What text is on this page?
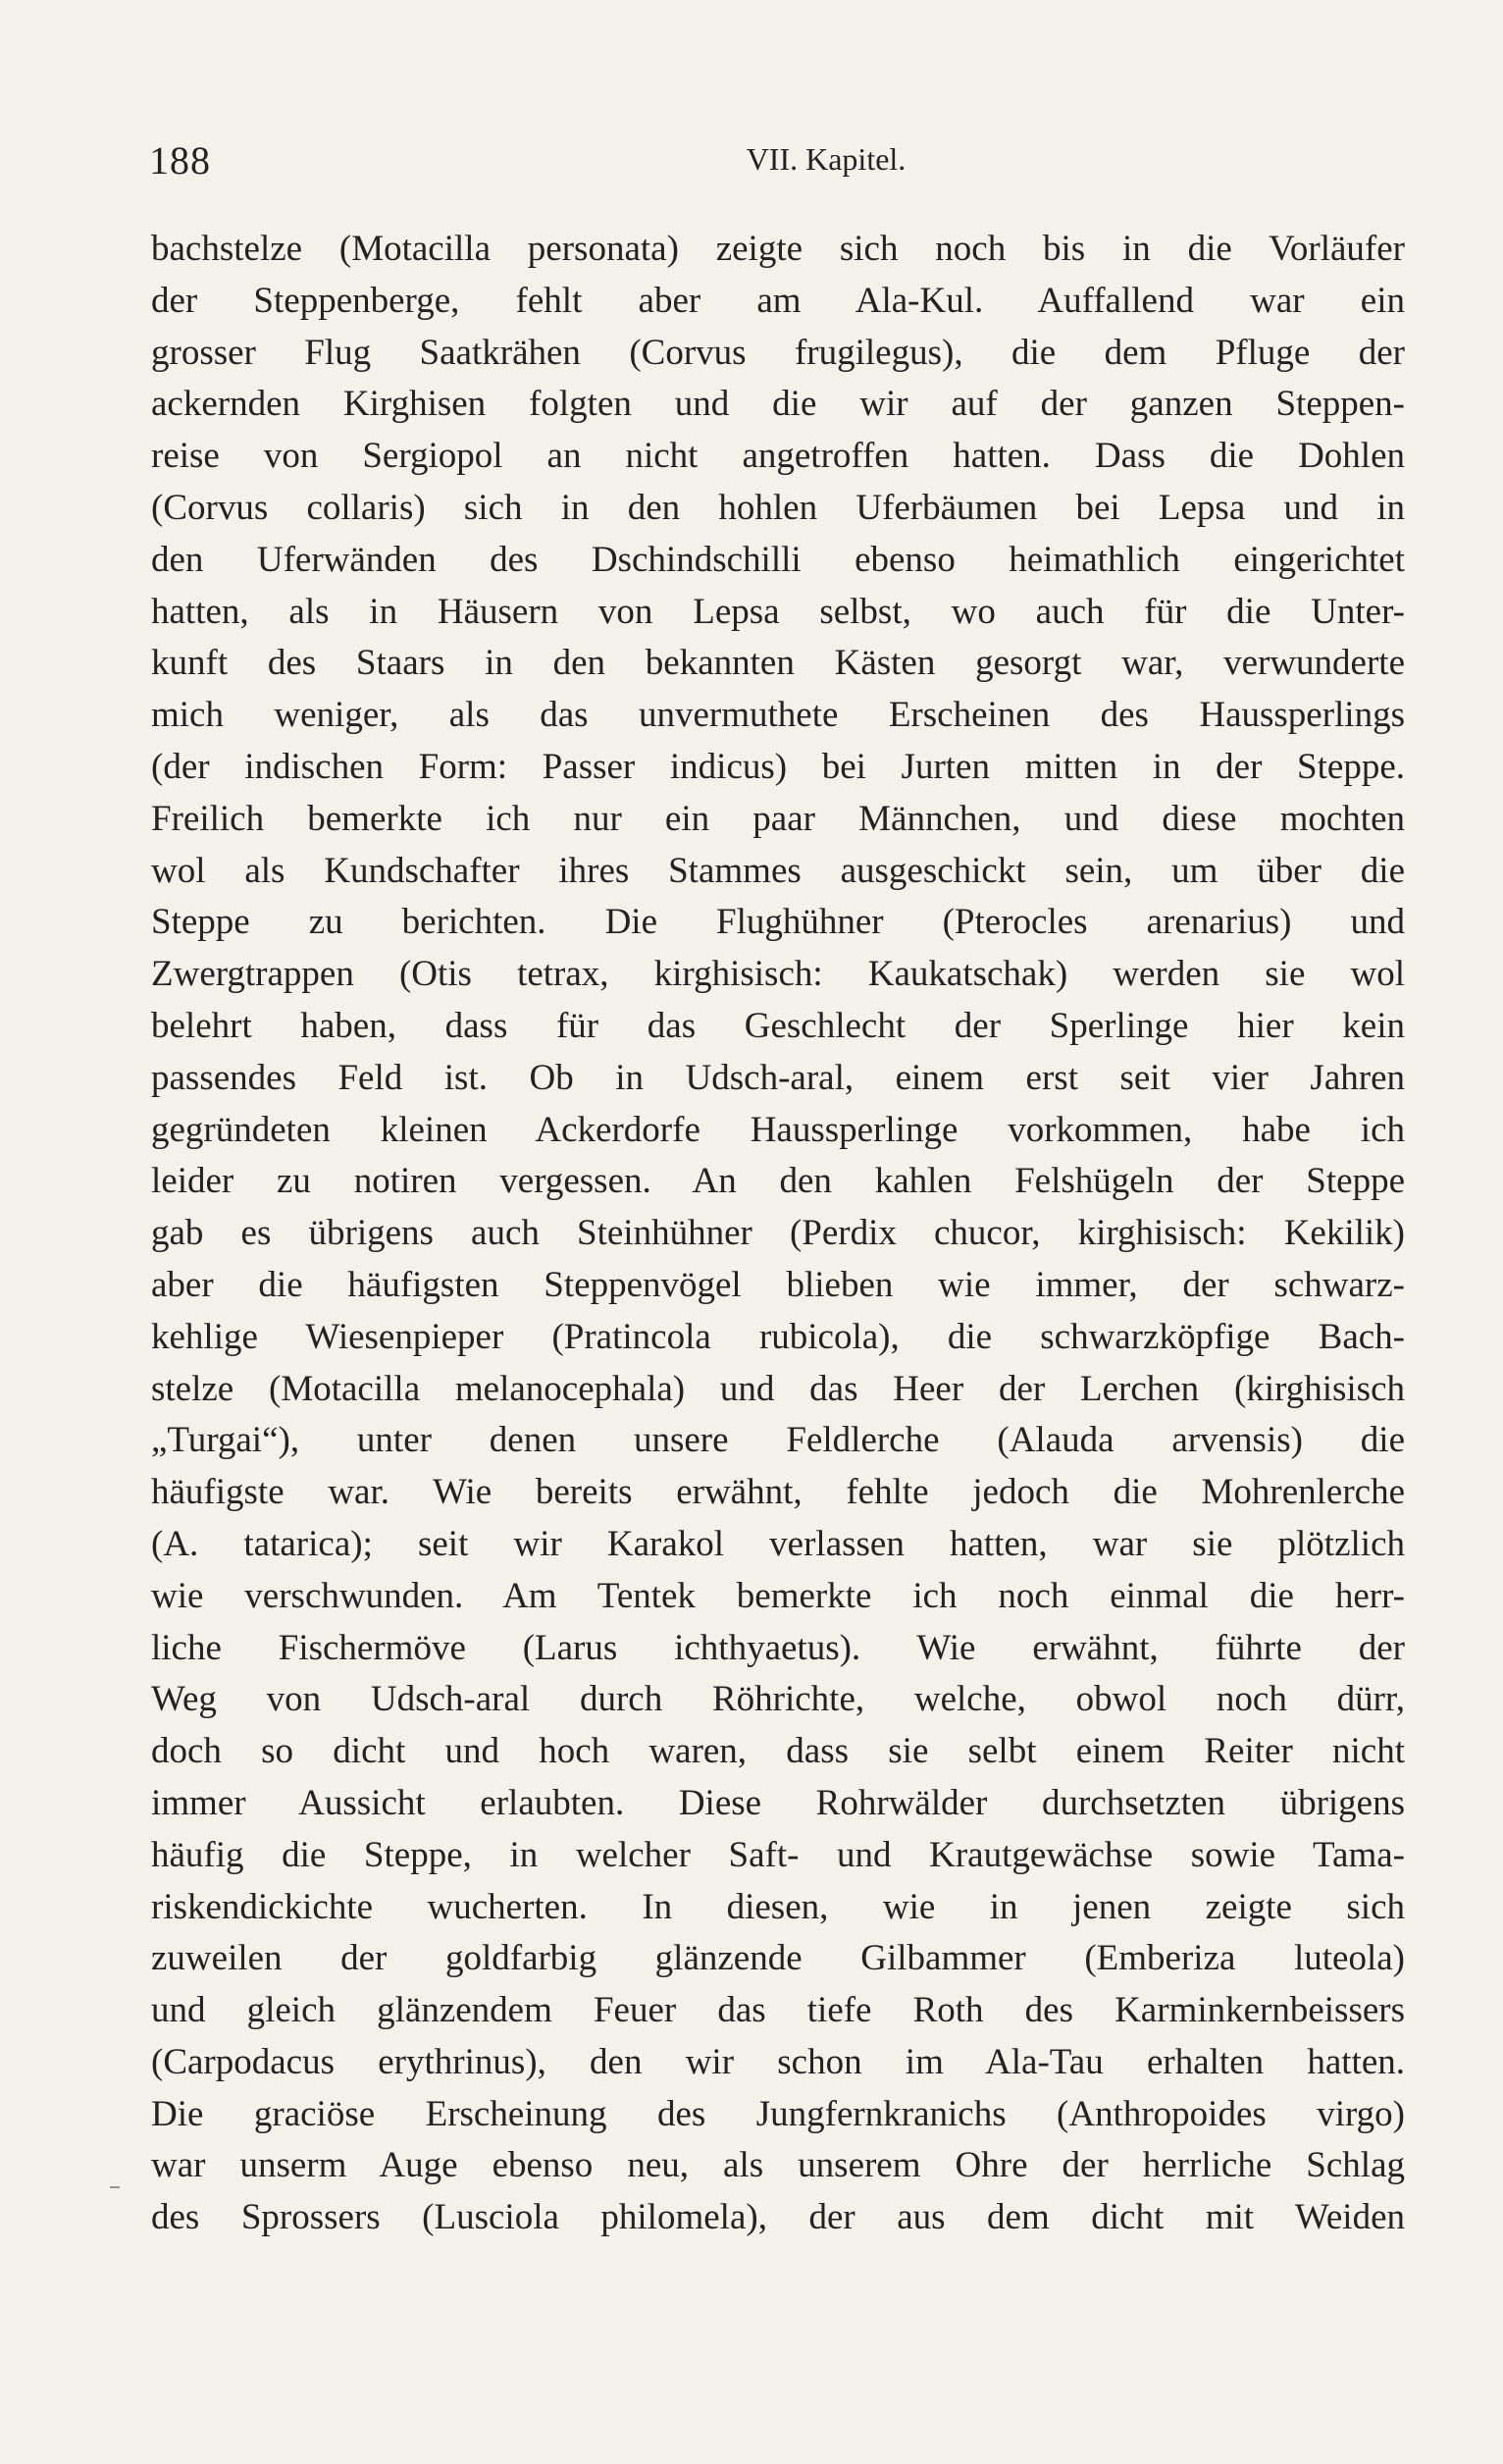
188	VII. Kapitel.
bachstelze (Motacilla personata) zeigte sich noch bis in die Vorläufer
der Steppenberge, fehlt aber am Ala-Kul. Auffallend war ein
grosser Flug Saatkrähen (Corvus frugilegus), die dem Pfluge der
ackernden Kirghisen folgten und die wir auf der ganzen Steppen-
reise von Sergiopol an nicht angetroffen hatten. Dass die Dohlen
(Corvus collaris) sich in den hohlen Uferbäumen bei Lepsa und in
den Uferwänden des Dschindschilli ebenso heimathlich eingerichtet
hatten, als in Häusern von Lepsa selbst, wo auch für die Unter-
kunft des Staars in den bekannten Kästen gesorgt war, verwunderte
mich weniger, als das unvermuthete Erscheinen des Haussperlings
(der indischen Form: Passer indicus) bei Jurten mitten in der Steppe.
Freilich bemerkte ich nur ein paar Männchen, und diese mochten
wol als Kundschafter ihres Stammes ausgeschickt sein, um über die
Steppe zu berichten. Die Flughühner (Pterocles arenarius) und
Zwergtrappen (Otis tetrax, kirghisisch: Kaukatschak) werden sie wol
belehrt haben, dass für das Geschlecht der Sperlinge hier kein
passendes Feld ist. Ob in Udsch-aral, einem erst seit vier Jahren
gegründeten kleinen Ackerdorfe Haussperlinge vorkommen, habe ich
leider zu notiren vergessen. An den kahlen Felshügeln der Steppe
gab es übrigens auch Steinhühner (Perdix chucor, kirghisisch: Kekilik)
aber die häufigsten Steppenvögel blieben wie immer, der schwarz-
kehlige Wiesenpieper (Pratincola rubicola), die schwarzköpfige Bach-
stelze (Motacilla melanocephala) und das Heer der Lerchen (kirghisisch
„Turgai“), unter denen unsere Feldlerche (Alauda arvensis) die
häufigste war. Wie bereits erwähnt, fehlte jedoch die Mohrenlerche
(A. tatarica); seit wir Karakol verlassen hatten, war sie plötzlich
wie verschwunden. Am Tentek bemerkte ich noch einmal die herr-
liche Fischermöve (Larus ichthyaetus). Wie erwähnt, führte der
Weg von Udsch-aral durch Röhrichte, welche, obwol noch dürr,
doch so dicht und hoch waren, dass sie selbt einem Reiter nicht
immer Aussicht erlaubten. Diese Rohrwälder durchsetzten übrigens
häufig die Steppe, in welcher Saft- und Krautgewächse sowie Tama-
riskendickichte wucherten. In diesen, wie in jenen zeigte sich
zuweilen der goldfarbig glänzende Gilbammer (Emberiza luteola)
und gleich glänzendem Feuer das tiefe Roth des Karminkernbeissers
(Carpodacus erythrinus), den wir schon im Ala-Tau erhalten hatten.
Die graciöse Erscheinung des Jungfernkranichs (Anthropoides virgo)
war unserm Auge ebenso neu, als unserem Ohre der herrliche Schlag
des Sprossers (Lusciola philomela), der aus dem dicht mit Weiden
